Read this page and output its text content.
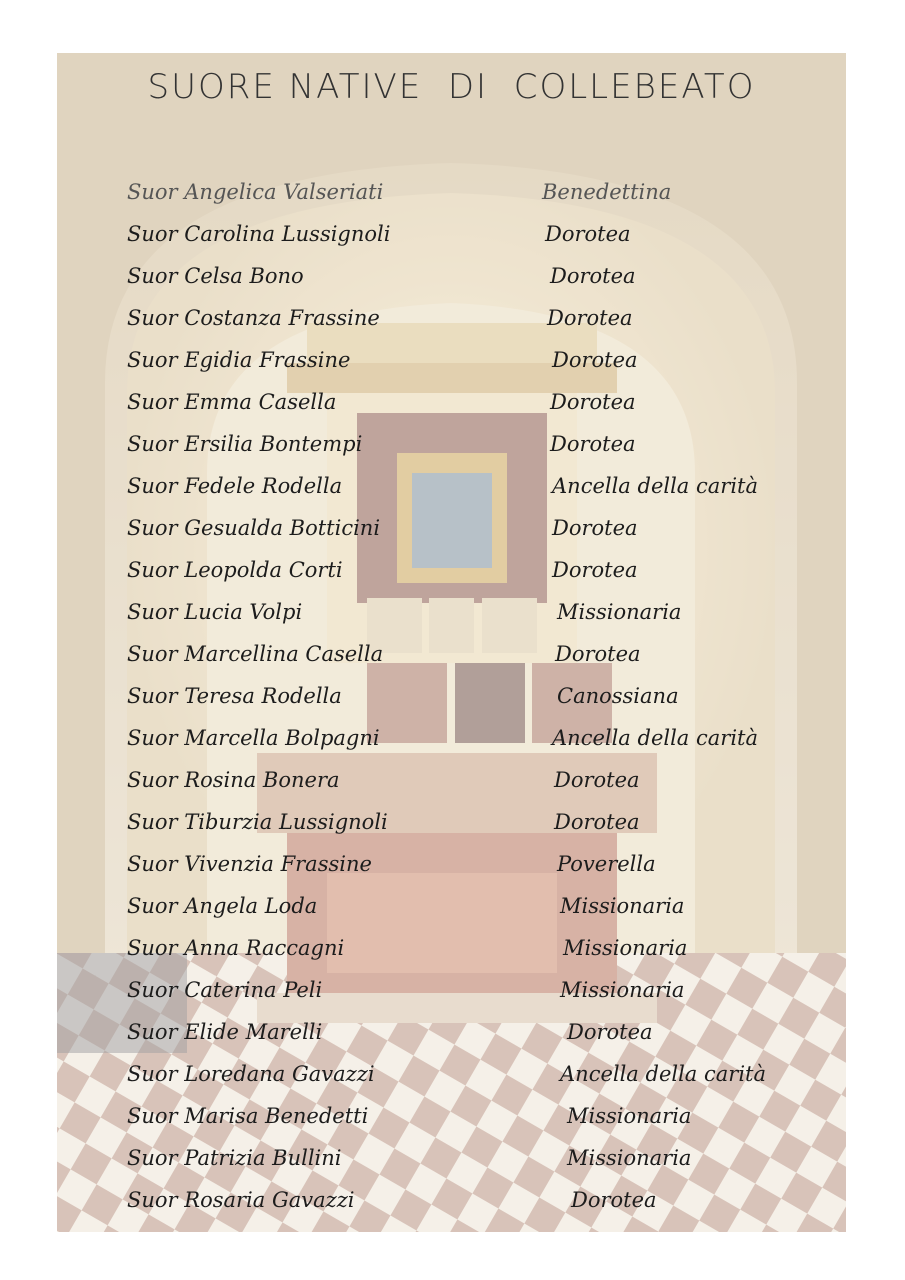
SUORE NATIVE  DI  COLLEBEATO
Suor Angelica Valseriati	Benedettina
Suor Carolina Lussignoli	Dorotea
Suor Celsa Bono	Dorotea
Suor Costanza Frassine	Dorotea
Suor Egidia Frassine	Dorotea
Suor Emma Casella	Dorotea
Suor Ersilia Bontempi	Dorotea
Suor Fedele Rodella	Ancella della carità
Suor Gesualda Botticini	Dorotea
Suor Leopolda Corti	Dorotea
Suor Lucia Volpi	Missionaria
Suor Marcellina Casella	Dorotea
Suor Teresa Rodella	Canossiana
Suor Marcella Bolpagni	Ancella della carità
Suor Rosina Bonera	Dorotea
Suor Tiburzia Lussignoli	Dorotea
Suor Vivenzia Frassine	Poverella
Suor Angela Loda	Missionaria
Suor Anna Raccagni	Missionaria
Suor Caterina Peli	Missionaria
Suor Elide Marelli	Dorotea
Suor Loredana Gavazzi	Ancella della carità
Suor Marisa Benedetti	Missionaria
Suor Patrizia Bullini	Missionaria
Suor Rosaria Gavazzi	Dorotea
